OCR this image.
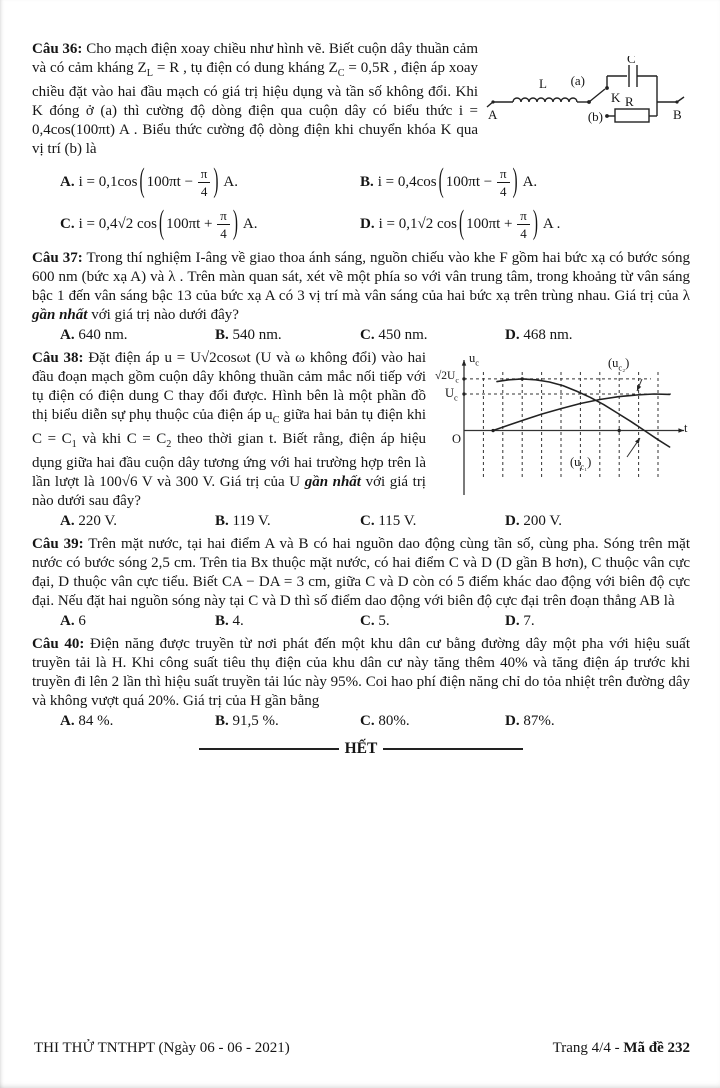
L
C
K R
A	B
(a)
(b)

Câu 36: Cho mạch điện xoay chiều như hình vẽ. Biết cuộn dây thuần cảm và có cảm kháng $Z_L = R$ , tụ điện có dung kháng $Z_C = 0,5R$ , điện áp xoay chiều đặt vào hai đầu mạch có giá trị hiệu dụng và tần số không đổi. Khi K đóng ở (a) thì cường độ dòng điện qua cuộn dây có biểu thức i = 0,4cos(100πt) A . Biểu thức cường độ dòng điện khi chuyển khóa K qua vị trí (b) là

A. i = 0,1cos ( $100\pi t - \frac{\pi}{4}$ ) A.	B. i = 0,4cos ( $100\pi t - \frac{\pi}{4}$ ) A.
C. i = 0,4√2 cos ( $100\pi t + \frac{\pi}{4}$ ) A.	D. i = 0,1√2 cos ( $100\pi t + \frac{\pi}{4}$ ) A .

Câu 37: Trong thí nghiệm I-âng về giao thoa ánh sáng, nguồn chiếu vào khe F gồm hai bức xạ có bước sóng 600 nm (bức xạ A) và λ . Trên màn quan sát, xét về một phía so với vân trung tâm, trong khoảng từ vân sáng bậc 1 đến vân sáng bậc 13 của bức xạ A có 3 vị trí mà vân sáng của hai bức xạ trên trùng nhau. Giá trị của λ gần nhất với giá trị nào dưới đây?

A. 640 nm.	B. 540 nm.	C. 450 nm.	D. 468 nm.
$u_c$
$√2U_c$
$U_c$
O
t
$(u_{c_2})$
$(u_{c_1})$

Câu 38: Đặt điện áp u = U√2cosωt (U và ω không đổi) vào hai đầu đoạn mạch gồm cuộn dây không thuần cảm mắc nối tiếp với tụ điện có điện dung C thay đổi được. Hình bên là một phần đồ thị biểu diễn sự phụ thuộc của điện áp $u_C$ giữa hai bản tụ điện khi $C = C_1$ và khi $C = C_2$ theo thời gian t. Biết rằng, điện áp hiệu dụng giữa hai đầu cuộn dây tương ứng với hai trường hợp trên là lần lượt là 100√6 V và 300 V. Giá trị của U gần nhất với giá trị nào dưới sau đây?

A. 220 V.	B. 119 V.	C. 115 V.	D. 200 V.

Câu 39: Trên mặt nước, tại hai điểm A và B có hai nguồn dao động cùng tần số, cùng pha. Sóng trên mặt nước có bước sóng 2,5 cm. Trên tia Bx thuộc mặt nước, có hai điểm C và D (D gần B hơn), C thuộc vân cực đại, D thuộc vân cực tiểu. Biết CA − DA = 3 cm, giữa C và D còn có 5 điểm khác dao động với biên độ cực đại. Nếu đặt hai nguồn sóng này tại C và D thì số điểm dao động với biên độ cực đại trên đoạn thẳng AB là

A. 6	B. 4.	C. 5.	D. 7.

Câu 40: Điện năng được truyền từ nơi phát đến một khu dân cư bằng đường dây một pha với hiệu suất truyền tải là H. Khi công suất tiêu thụ điện của khu dân cư này tăng thêm 40% và tăng điện áp trước khi truyền đi lên 2 lần thì hiệu suất truyền tải lúc này 95%. Coi hao phí điện năng chỉ do tỏa nhiệt trên đường dây và không vượt quá 20%. Giá trị của H gần bằng

A. 84 %.	B. 91,5 %.	C. 80%.	D. 87%.
HẾT
THI THỬ TNTHPT (Ngày 06 - 06 - 2021)	Trang 4/4 - Mã đề 232
